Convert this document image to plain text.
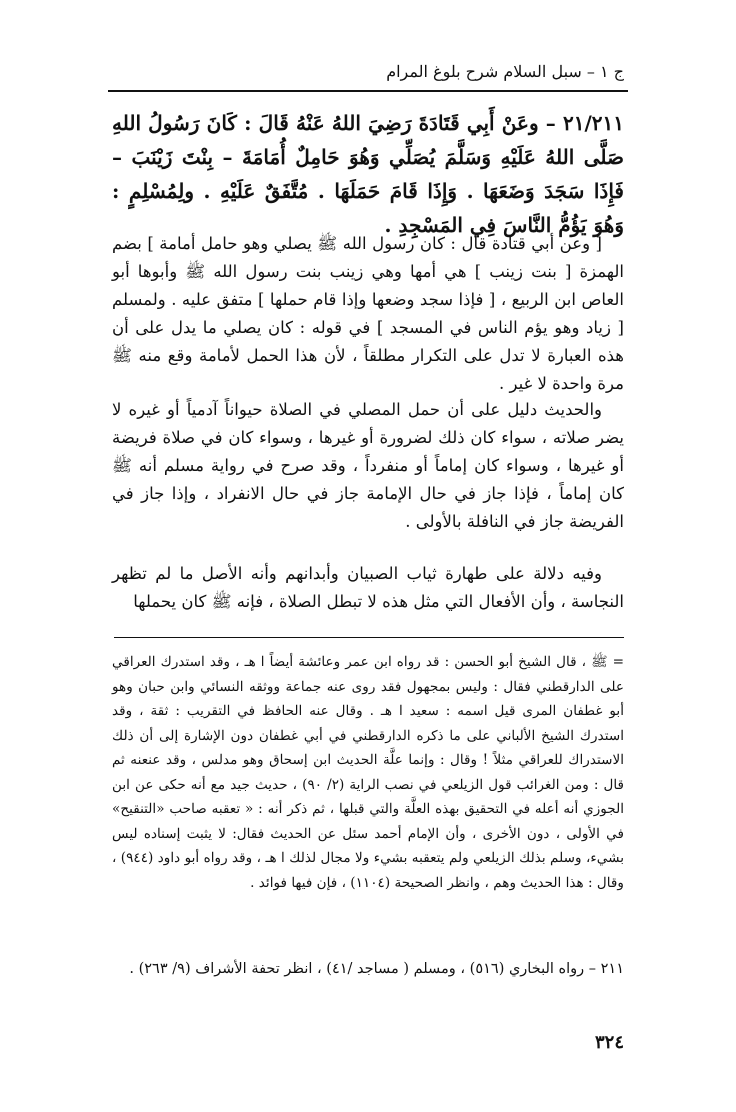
ج ١ – سبل السلام شرح بلوغ المرام
٢١/٢١١ – وعَنْ أَبِي قَتَادَةَ رَضِيَ اللهُ عَنْهُ قَالَ : كَانَ رَسُولُ اللهِ صَلَّى اللهُ عَلَيْهِ وَسَلَّمَ يُصَلِّي وَهُوَ حَامِلٌ أُمَامَةَ – بِنْتَ زَيْنَبَ – فَإِذَا سَجَدَ وَضَعَهَا . وَإِذَا قَامَ حَمَلَهَا . مُتَّفَقٌ عَلَيْهِ . ولِمُسْلِمٍ : وَهُوَ يَؤُمُّ النَّاسَ فِي المَسْجِدِ .
[ وعن أبي قتادة قال : كان رسول الله ﷺ يصلي وهو حامل أمامة ] بضم الهمزة [ بنت زينب ] هي أمها وهي زينب بنت رسول الله ﷺ وأبوها أبو العاص ابن الربيع ، [ فإذا سجد وضعها وإذا قام حملها ] متفق عليه . ولمسلم [ زياد وهو يؤم الناس في المسجد ] في قوله : كان يصلي ما يدل على أن هذه العبارة لا تدل على التكرار مطلقاً ، لأن هذا الحمل لأمامة وقع منه ﷺ مرة واحدة لا غير .
والحديث دليل على أن حمل المصلي في الصلاة حيواناً آدمياً أو غيره لا يضر صلاته ، سواء كان ذلك لضرورة أو غيرها ، وسواء كان في صلاة فريضة أو غيرها ، وسواء كان إماماً أو منفرداً ، وقد صرح في رواية مسلم أنه ﷺ كان إماماً ، فإذا جاز في حال الإمامة جاز في حال الانفراد ، وإذا جاز في الفريضة جاز في النافلة بالأولى .
وفيه دلالة على طهارة ثياب الصبيان وأبدانهم وأنه الأصل ما لم تظهر النجاسة ، وأن الأفعال التي مثل هذه لا تبطل الصلاة ، فإنه ﷺ كان يحملها
= ﷺ ، قال الشيخ أبو الحسن : قد رواه ابن عمر وعائشة أيضاً ا هـ ، وقد استدرك العراقي على الدارقطني فقال : وليس بمجهول فقد روى عنه جماعة ووثقه النسائي وابن حبان وهو أبو غطفان المرى قيل اسمه : سعيد ا هـ . وقال عنه الحافظ في التقريب : ثقة ، وقد استدرك الشيخ الألباني على ما ذكره الدارقطني في أبي غطفان دون الإشارة إلى أن ذلك الاستدراك للعراقي مثلاً ! وقال : وإنما علَّة الحديث ابن إسحاق وهو مدلس ، وقد عنعنه ثم قال : ومن الغرائب قول الزيلعي في نصب الراية (٢/ ٩٠) ، حديث جيد مع أنه حكى عن ابن الجوزي أنه أعله في التحقيق بهذه العلَّة والتي قبلها ، ثم ذكر أنه : « تعقبه صاحب «التنقيح» في الأولى ، دون الأخرى ، وأن الإمام أحمد سئل عن الحديث فقال: لا يثبت إسناده ليس بشيء، وسلم بذلك الزيلعي ولم يتعقبه بشيء ولا مجال لذلك ا هـ ، وقد رواه أبو داود (٩٤٤) ، وقال : هذا الحديث وهم ، وانظر الصحيحة (١١٠٤) ، فإن فيها فوائد .
٢١١ – رواه البخاري (٥١٦) ، ومسلم ( مساجد /٤١) ، انظر تحفة الأشراف (٩/ ٢٦٣) .
٣٢٤
